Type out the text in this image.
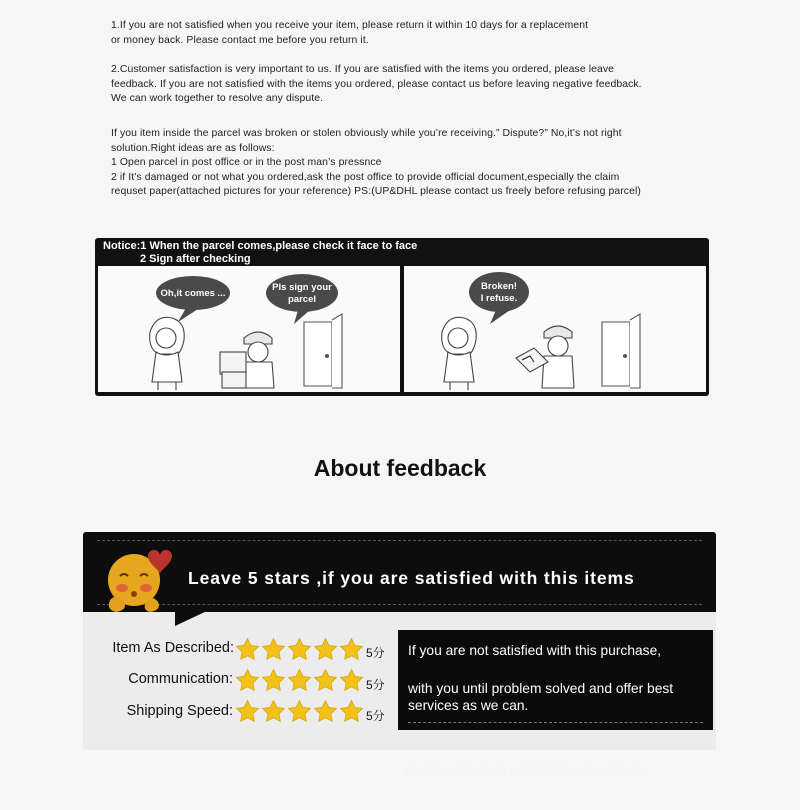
1.If you are not satisfied when you receive your item, please return it within 10 days for a replacement
or money back. Please contact me before you return it.
2.Customer satisfaction is very important to us. If you are satisfied with the items you ordered, please leave
feedback. If you are not satisfied with the items you ordered, please contact us before leaving negative feedback.
We can work together to resolve any dispute.
If you item inside the parcel was broken or stolen obviously while you’re receiving.” Dispute?” No,it’s not right
solution.Right ideas are as follows:
1 Open parcel in post office or in the post man’s pressnce
2 if It’s damaged or not what you ordered,ask the post office to provide official document,especially the claim
requset paper(attached pictures for your reference) PS:(UP&DHL please contact us freely before refusing parcel)
Notice:1 When the parcel comes,please check it face to face
2 Sign after checking
Oh,it comes ...
Pls sign your
parcel
Broken!
I refuse.
About feedback
Leave 5 stars ,if you are satisfied with this items
Item As Described:	5分
Communication:	5分
Shipping Speed:	5分
If you are not satisfied with this purchase,
with you until problem solved and offer best
services as we can.
please contact us within 24hours,we’ll stay
